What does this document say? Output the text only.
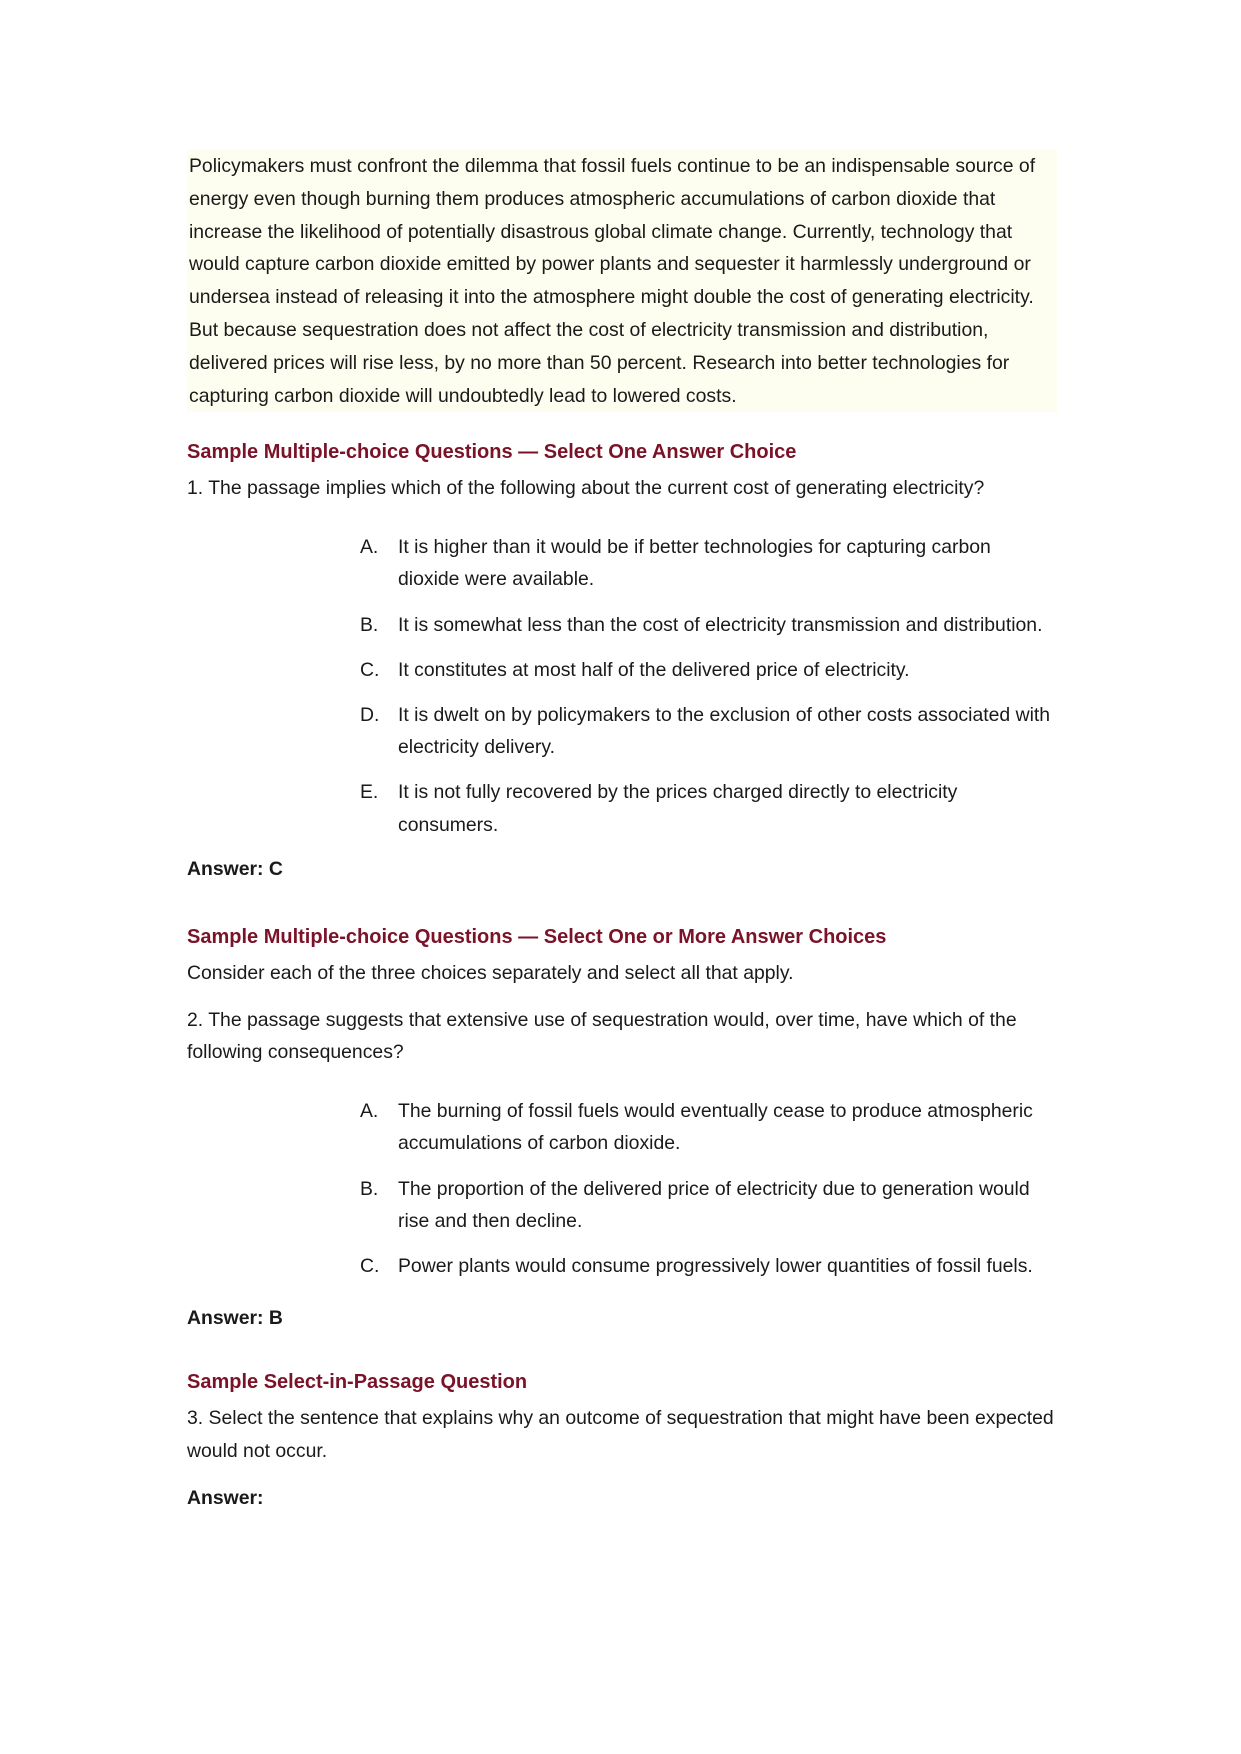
Policymakers must confront the dilemma that fossil fuels continue to be an indispensable source of energy even though burning them produces atmospheric accumulations of carbon dioxide that increase the likelihood of potentially disastrous global climate change. Currently, technology that would capture carbon dioxide emitted by power plants and sequester it harmlessly underground or undersea instead of releasing it into the atmosphere might double the cost of generating electricity. But because sequestration does not affect the cost of electricity transmission and distribution, delivered prices will rise less, by no more than 50 percent. Research into better technologies for capturing carbon dioxide will undoubtedly lead to lowered costs.

Sample Multiple-choice Questions — Select One Answer Choice

1. The passage implies which of the following about the current cost of generating electricity?

A.	It is higher than it would be if better technologies for capturing carbon dioxide were available.
B.	It is somewhat less than the cost of electricity transmission and distribution.
C. It constitutes at most half of the delivered price of electricity.
D. It is dwelt on by policymakers to the exclusion of other costs associated with electricity delivery.
E.	It is not fully recovered by the prices charged directly to electricity consumers.

Answer: C

Sample Multiple-choice Questions — Select One or More Answer Choices

Consider each of the three choices separately and select all that apply.

2. The passage suggests that extensive use of sequestration would, over time, have which of the following consequences?

A.	The burning of fossil fuels would eventually cease to produce atmospheric accumulations of carbon dioxide.
B.	The proportion of the delivered price of electricity due to generation would rise and then decline.
C. Power plants would consume progressively lower quantities of fossil fuels.

Answer: B

Sample Select-in-Passage Question

3. Select the sentence that explains why an outcome of sequestration that might have been expected would not occur.

Answer:
